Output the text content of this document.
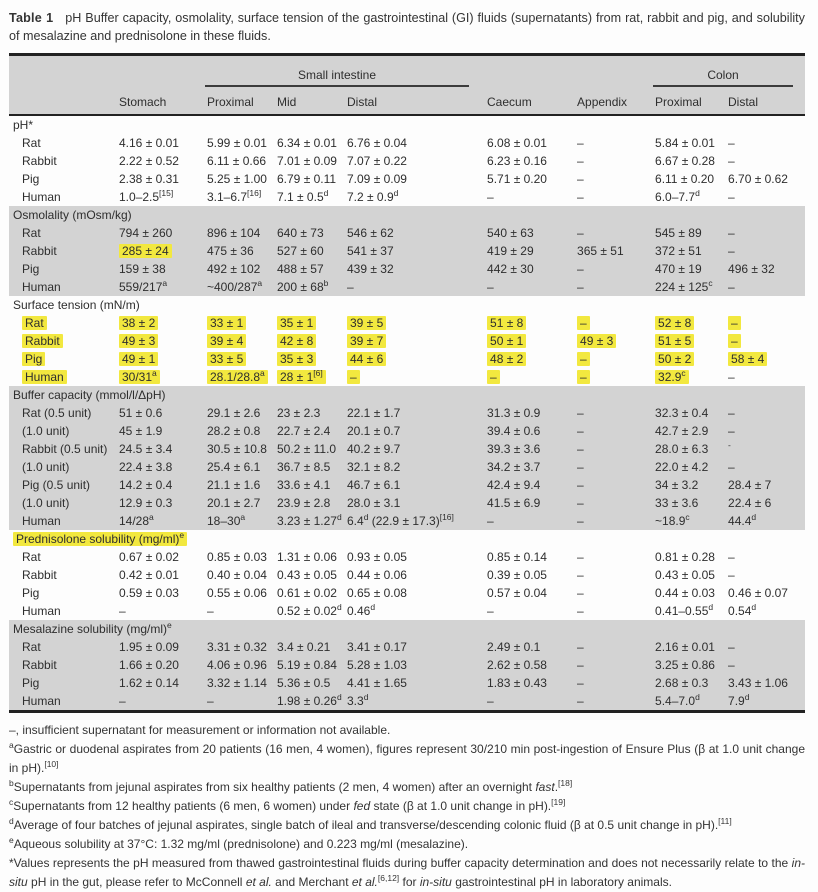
Table 1 pH Buffer capacity, osmolality, surface tension of the gastrointestinal (GI) fluids (supernatants) from rat, rabbit and pig, and solubility of mesalazine and prednisolone in these fluids.

		Small intestine					Colon	

	Stomach	Proximal	Mid	Distal	Caecum	Appendix	Proximal	Distal
pH*								
Rat	4.16 ± 0.01	5.99 ± 0.01	6.34 ± 0.01	6.76 ± 0.04	6.08 ± 0.01	–	5.84 ± 0.01	–
Rabbit	2.22 ± 0.52	6.11 ± 0.66	7.01 ± 0.09	7.07 ± 0.22	6.23 ± 0.16	–	6.67 ± 0.28	–
Pig	2.38 ± 0.31	5.25 ± 1.00	6.79 ± 0.11	7.09 ± 0.09	5.71 ± 0.20	–	6.11 ± 0.20	6.70 ± 0.62
Human	1.0–2.5[15]	3.1–6.7[16]	7.1 ± 0.5$^d$	7.2 ± 0.9$^d$	–	–	6.0–7.7$^d$	–
Osmolality (mOsm/kg)								
Rat	794 ± 260	896 ± 104	640 ± 73	546 ± 62	540 ± 63	–	545 ± 89	–
Rabbit	285 ± 24	475 ± 36	527 ± 60	541 ± 37	419 ± 29	365 ± 51	372 ± 51	–
Pig	159 ± 38	492 ± 102	488 ± 57	439 ± 32	442 ± 30	–	470 ± 19	496 ± 32
Human	559/217$^a$	~400/287$^a$	$200 \pm 68^b$	–	–	–	$224 \pm 125^c$	–
Surface tension (mN/m)								
Rat	38 ± 2	33 ± 1	35 ± 1	39 ± 5	51 ± 8	–	52 ± 8	–
Rabbit	49 ± 3	39 ± 4	42 ± 8	39 ± 7	50 ± 1	49 ± 3	51 ± 5	–
Pig	49 ± 1	33 ± 5	35 ± 3	44 ± 6	48 ± 2	–	50 ± 2	58 ± 4
Human	30/31$^a$	28.1/28.8$^a$	28 ± 1[6]	–	–	–	32.9$^c$	–
Buffer capacity (mmol/l/ΔpH)								
Rat (0.5 unit)	51 ± 0.6	29.1 ± 2.6	23 ± 2.3	22.1 ± 1.7	31.3 ± 0.9	–	32.3 ± 0.4	–
(1.0 unit)	45 ± 1.9	28.2 ± 0.8	22.7 ± 2.4	20.1 ± 0.7	39.4 ± 0.6	–	42.7 ± 2.9	–
Rabbit (0.5 unit)	24.5 ± 3.4	30.5 ± 10.8	50.2 ± 11.0	40.2 ± 9.7	39.3 ± 3.6	–	28.0 ± 6.3	-
(1.0 unit)	22.4 ± 3.8	25.4 ± 6.1	36.7 ± 8.5	32.1 ± 8.2	34.2 ± 3.7	–	22.0 ± 4.2	–
Pig (0.5 unit)	14.2 ± 0.4	21.1 ± 1.6	33.6 ± 4.1	46.7 ± 6.1	42.4 ± 9.4	–	34 ± 3.2	28.4 ± 7
(1.0 unit)	12.9 ± 0.3	20.1 ± 2.7	23.9 ± 2.8	28.0 ± 3.1	41.5 ± 6.9	–	33 ± 3.6	22.4 ± 6
Human	14/28$^a$	18–30$^a$	3.23 ± 1.27$^d$	6.4$^d$ (22.9 ± 17.3)[16]	–	–	~18.9$^c$	44.4$^d$
Prednisolone solubility $(mg/ml)^e$
Rat	0.67 ± 0.02	0.85 ± 0.03	1.31 ± 0.06	0.93 ± 0.05	0.85 ± 0.14	–	0.81 ± 0.28	–
Rabbit	0.42 ± 0.01	0.40 ± 0.04	0.43 ± 0.05	0.44 ± 0.06	0.39 ± 0.05	–	0.43 ± 0.05	–
Pig	0.59 ± 0.03	0.55 ± 0.06	0.61 ± 0.02	0.65 ± 0.08	0.57 ± 0.04	–	0.44 ± 0.03	0.46 ± 0.07
Human	–	–	0.52 ± 0.02$^d$	0.46$^d$	–	–	0.41–0.55$^d$	0.54$^d$
Mesalazine solubility $(mg/ml)^e$
Rat	1.95 ± 0.09	3.31 ± 0.32	3.4 ± 0.21	3.41 ± 0.17	2.49 ± 0.1	–	2.16 ± 0.01	–
Rabbit	1.66 ± 0.20	4.06 ± 0.96	5.19 ± 0.84	5.28 ± 1.03	2.62 ± 0.58	–	3.25 ± 0.86	–
Pig	1.62 ± 0.14	3.32 ± 1.14	5.36 ± 0.5	4.41 ± 1.65	1.83 ± 0.43	–	2.68 ± 0.3	3.43 ± 1.06
Human	–	–	1.98 ± 0.26$^d$	3.3$^d$	–	–	5.4–7.0$^d$	7.9$^d$
–, insufficient supernatant for measurement or information not available.
$^a$Gastric or duodenal aspirates from 20 patients (16 men, 4 women), figures represent 30/210 min post-ingestion of Ensure Plus (β at 1.0 unit change in pH).[10]
$^b$Supernatants from jejunal aspirates from six healthy patients (2 men, 4 women) after an overnight fast.[18]
$^c$Supernatants from 12 healthy patients (6 men, 6 women) under fed state (β at 1.0 unit change in pH).[19]
$^d$Average of four batches of jejunal aspirates, single batch of ileal and transverse/descending colonic fluid (β at 0.5 unit change in pH).[11]
$^e$Aqueous solubility at 37°C: 1.32 mg/ml (prednisolone) and 0.223 mg/ml (mesalazine).
*Values represents the pH measured from thawed gastrointestinal fluids during buffer capacity determination and does not necessarily relate to the in-situ pH in the gut, please refer to McConnell et al. and Merchant et al.[6,12] for in-situ gastrointestinal pH in laboratory animals.
